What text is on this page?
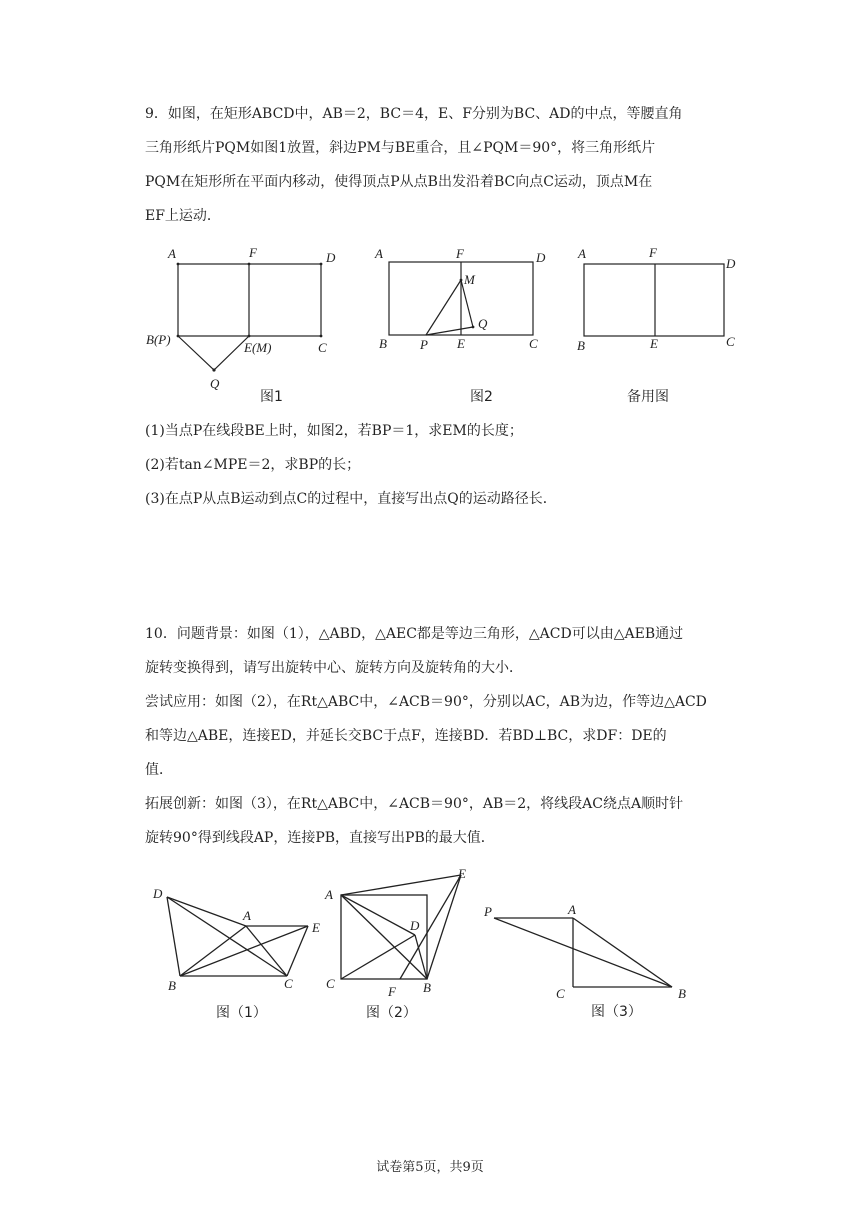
9．如图，在矩形ABCD中，AB＝2，BC＝4，E、F分别为BC、AD的中点，等腰直角

三角形纸片PQM如图1放置，斜边PM与BE重合，且∠PQM＝90°，将三角形纸片

PQM在矩形所在平面内移动，使得顶点P从点B出发沿着BC向点C运动，顶点M在

EF上运动．

A	F	D
B(P)
E(M)	C
Q
图1
A	F	D
M
Q
B	P E	C
图2
A	F
D
B	E	C
备用图

(1)当点P在线段BE上时，如图2，若BP＝1，求EM的长度；

(2)若tan∠MPE＝2，求BP的长；

(3)在点P从点B运动到点C的过程中，直接写出点Q的运动路径长．

10．问题背景：如图（1），△ABD，△AEC都是等边三角形，△ACD可以由△AEB通过

旋转变换得到，请写出旋转中心、旋转方向及旋转角的大小．

尝试应用：如图（2），在Rt△ABC中，∠ACB＝90°，分别以AC，AB为边，作等边△ACD

和等边△ABE，连接ED，并延长交BC于点F，连接BD．若BD⊥BC，求DF：DE的

值．

拓展创新：如图（3），在Rt△ABC中，∠ACB＝90°，AB＝2，将线段AC绕点A顺时针

旋转90°得到线段AP，连接PB，直接写出PB的最大值．

D
A
E
B	C
图（1）
A
E
D
C
F B
图（2）
P	A
C	B
图（3）
试卷第5页，共9页
